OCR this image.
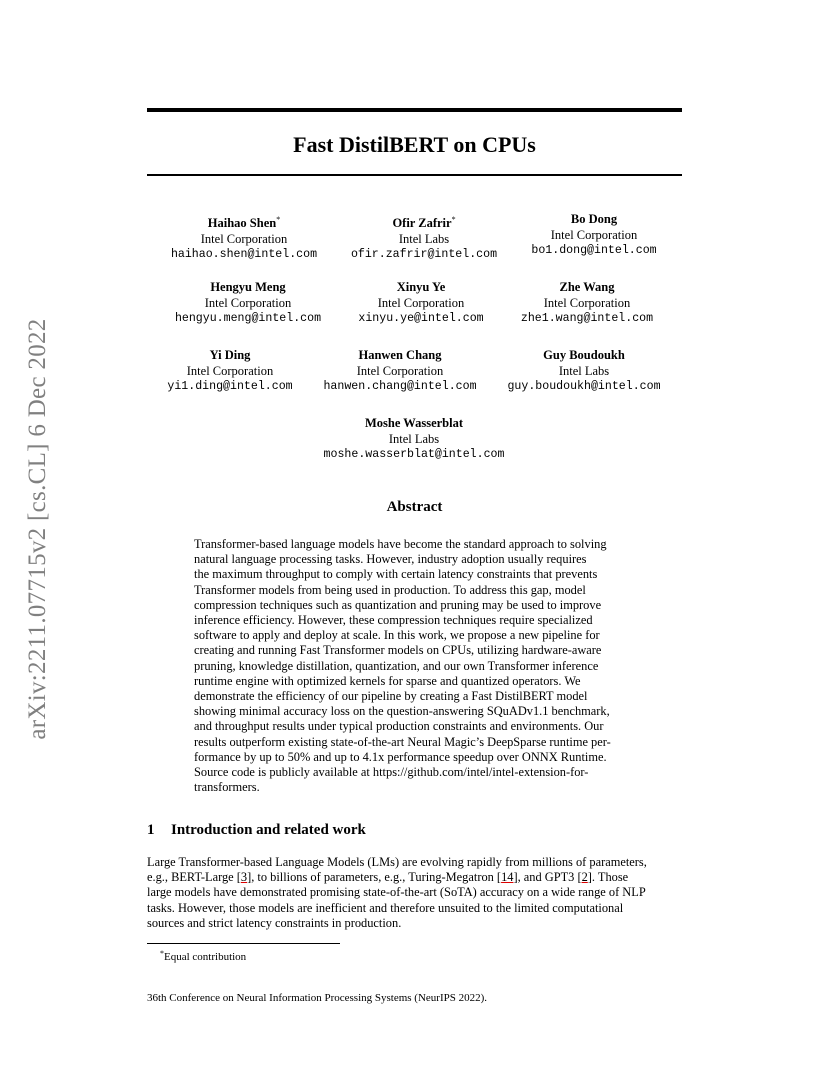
arXiv:2211.07715v2 [cs.CL] 6 Dec 2022
Fast DistilBERT on CPUs
Haihao Shen*
Intel Corporation
haihao.shen@intel.com
Ofir Zafrir*
Intel Labs
ofir.zafrir@intel.com
Bo Dong
Intel Corporation
bo1.dong@intel.com
Hengyu Meng
Intel Corporation
hengyu.meng@intel.com
Xinyu Ye
Intel Corporation
xinyu.ye@intel.com
Zhe Wang
Intel Corporation
zhe1.wang@intel.com
Yi Ding
Intel Corporation
yi1.ding@intel.com
Hanwen Chang
Intel Corporation
hanwen.chang@intel.com
Guy Boudoukh
Intel Labs
guy.boudoukh@intel.com
Moshe Wasserblat
Intel Labs
moshe.wasserblat@intel.com
Abstract
Transformer-based language models have become the standard approach to solving
natural language processing tasks. However, industry adoption usually requires
the maximum throughput to comply with certain latency constraints that prevents
Transformer models from being used in production. To address this gap, model
compression techniques such as quantization and pruning may be used to improve
inference efficiency. However, these compression techniques require specialized
software to apply and deploy at scale. In this work, we propose a new pipeline for
creating and running Fast Transformer models on CPUs, utilizing hardware-aware
pruning, knowledge distillation, quantization, and our own Transformer inference
runtime engine with optimized kernels for sparse and quantized operators. We
demonstrate the efficiency of our pipeline by creating a Fast DistilBERT model
showing minimal accuracy loss on the question-answering SQuADv1.1 benchmark,
and throughput results under typical production constraints and environments. Our
results outperform existing state-of-the-art Neural Magic’s DeepSparse runtime per-
formance by up to 50% and up to 4.1x performance speedup over ONNX Runtime.
Source code is publicly available at https://github.com/intel/intel-extension-for-
transformers.
1 Introduction and related work
Large Transformer-based Language Models (LMs) are evolving rapidly from millions of parameters,
e.g., BERT-Large [3], to billions of parameters, e.g., Turing-Megatron [14], and GPT3 [2]. Those
large models have demonstrated promising state-of-the-art (SoTA) accuracy on a wide range of NLP
tasks. However, those models are inefficient and therefore unsuited to the limited computational
sources and strict latency constraints in production.
*Equal contribution
36th Conference on Neural Information Processing Systems (NeurIPS 2022).
